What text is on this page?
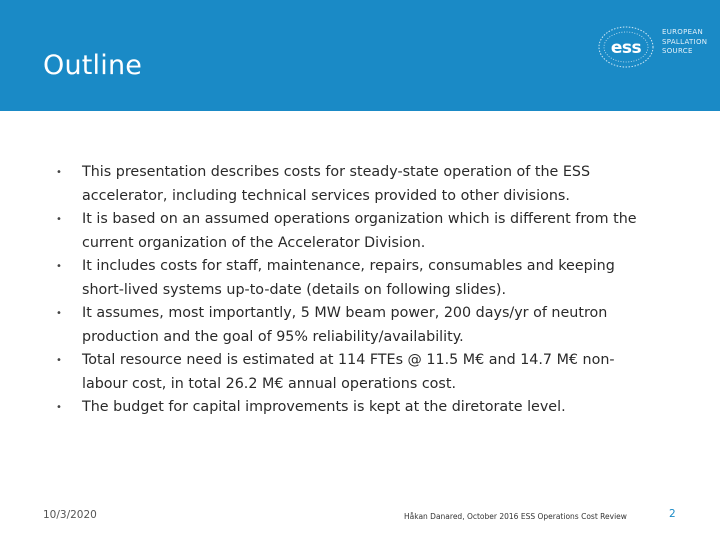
Outline
ess
EUROPEAN
SPALLATION
SOURCE
• This presentation describes costs for steady-state operation of the ESS accelerator, including technical services provided to other divisions.
• It is based on an assumed operations organization which is different from the current organization of the Accelerator Division.
• It includes costs for staff, maintenance, repairs, consumables and keeping short-lived systems up-to-date (details on following slides).
• It assumes, most importantly, 5 MW beam power, 200 days/yr of neutron production and the goal of 95% reliability/availability.
• Total resource need is estimated at 114 FTEs @ 11.5 M€ and 14.7 M€ non-labour cost, in total 26.2 M€ annual operations cost.
• The budget for capital improvements is kept at the diretorate level.
10/3/2020	Håkan Danared, October 2016 ESS Operations Cost Review	2
